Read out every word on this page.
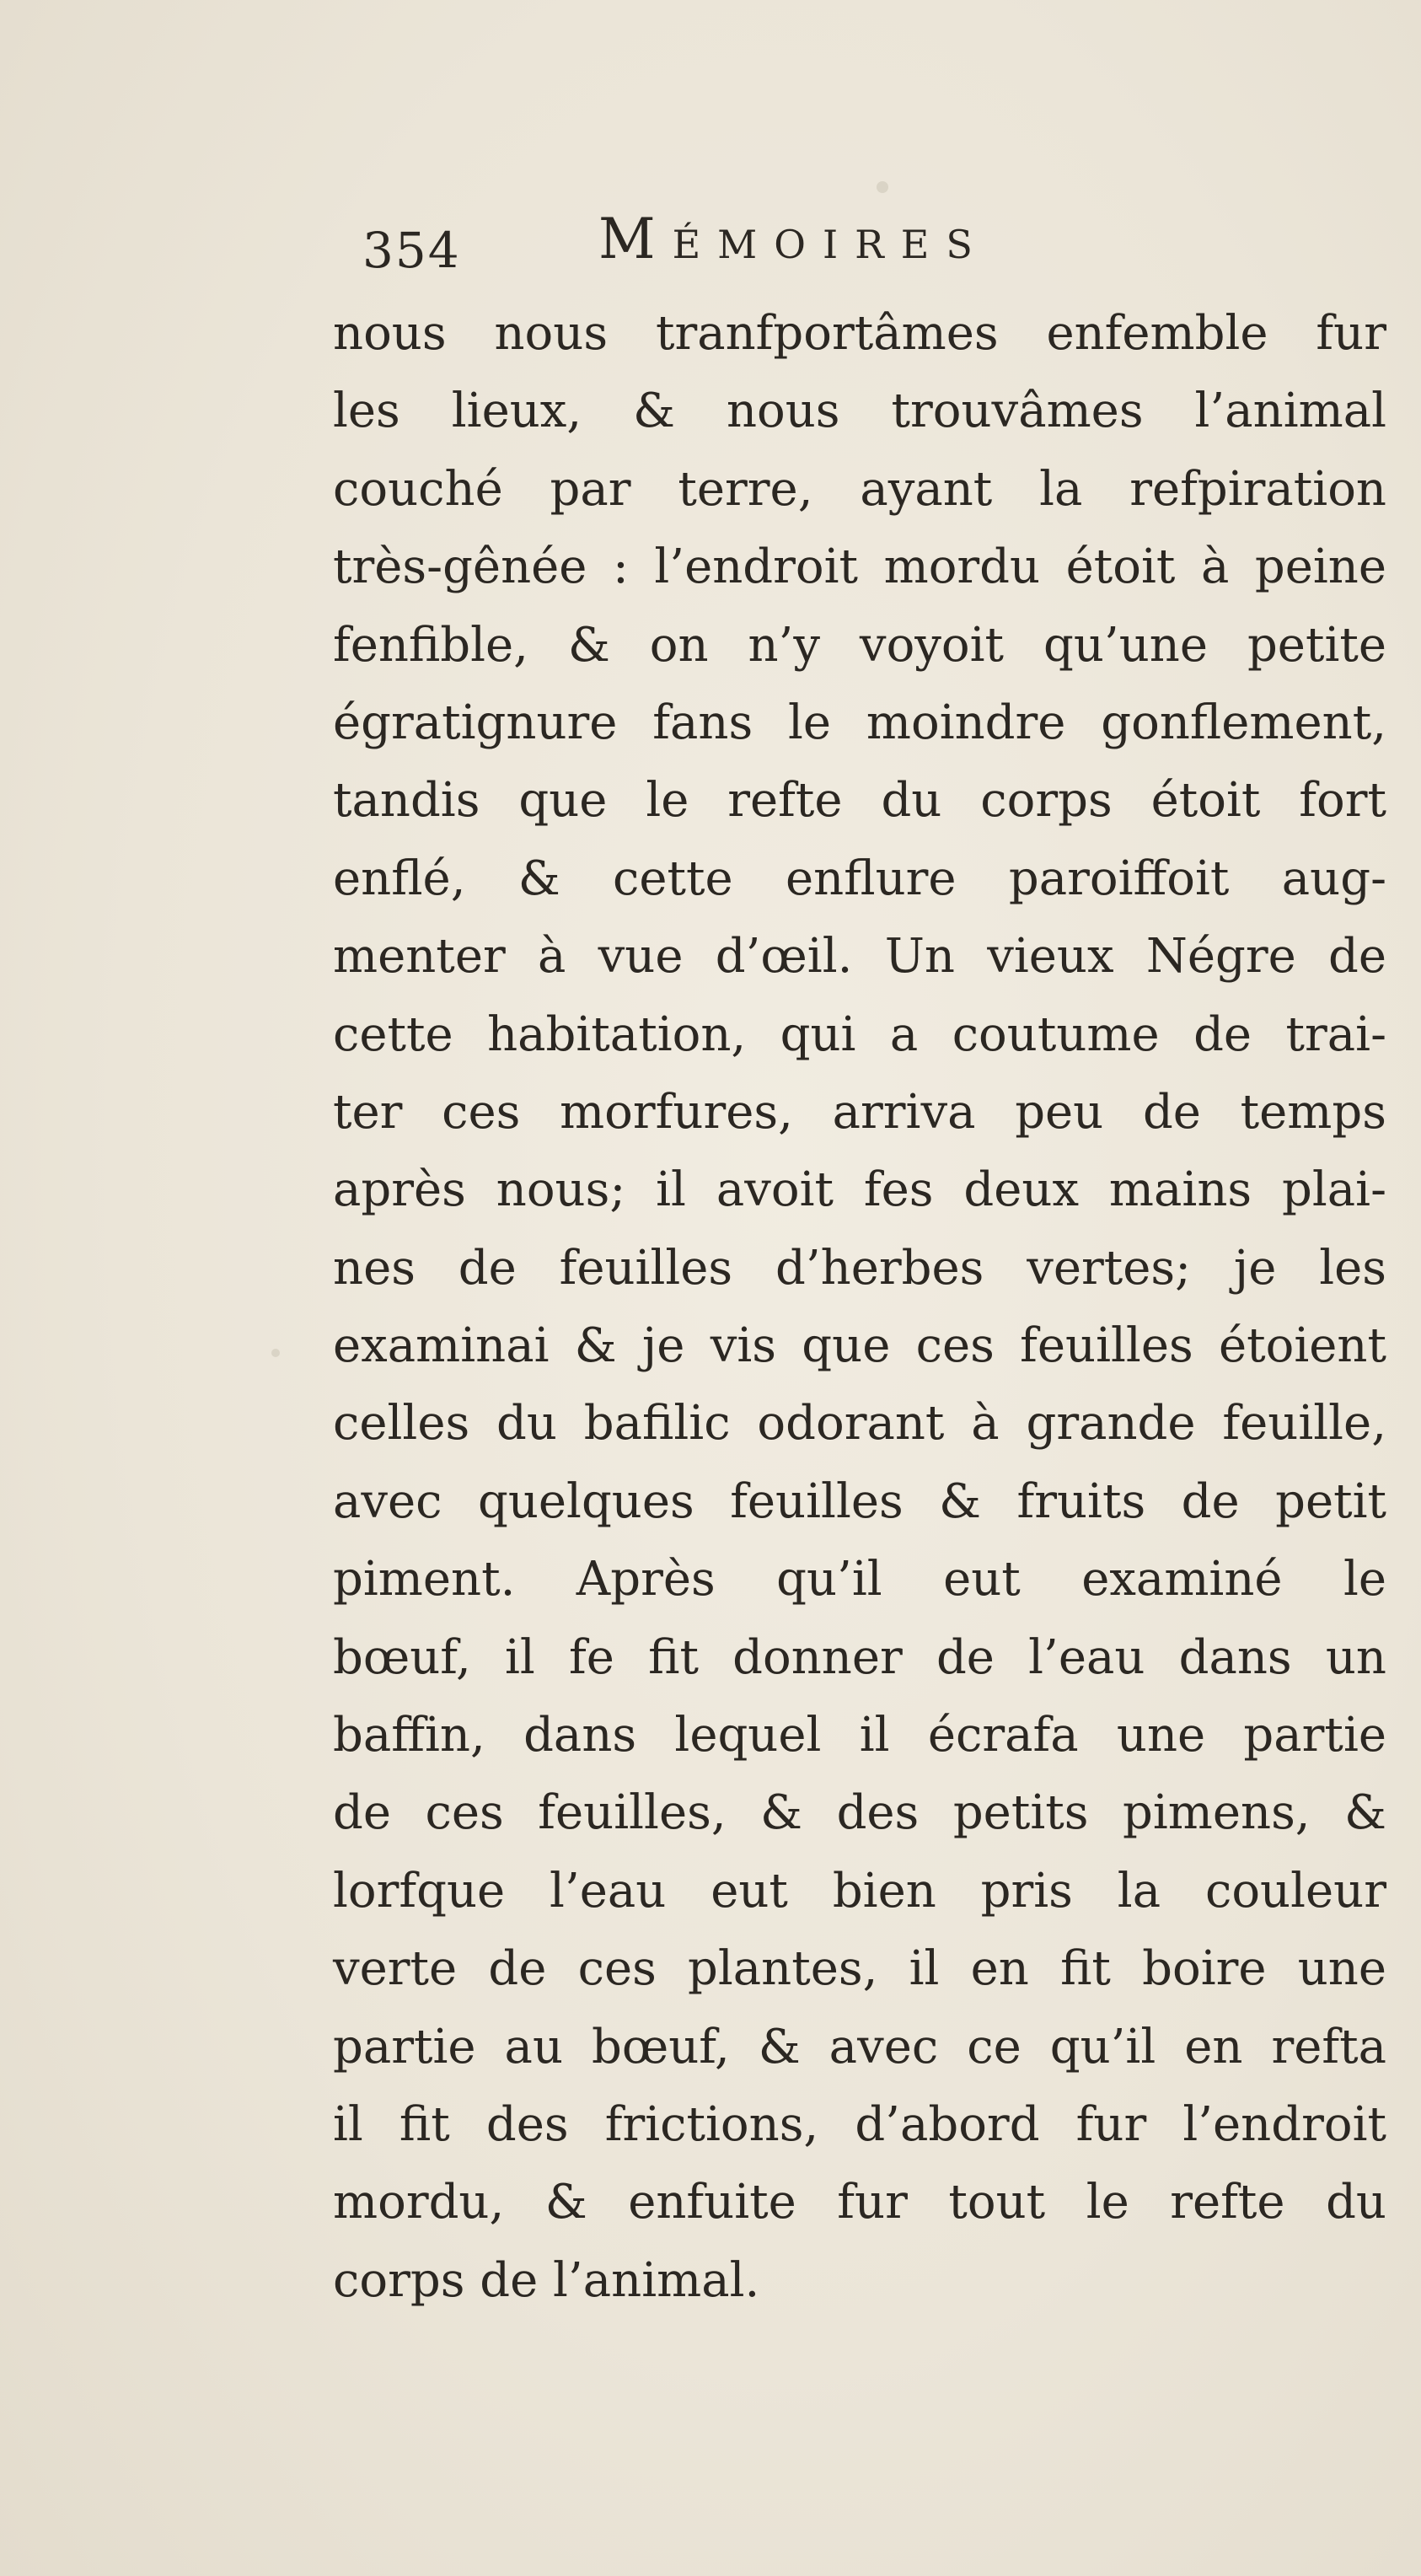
354 Mémoires
nous nous tranfportâmes enfemble fur
les lieux, & nous trouvâmes l’animal
couché par terre, ayant la refpiration
très-gênée : l’endroit mordu étoit à peine
fenfible, & on n’y voyoit qu’une petite
égratignure fans le moindre gonflement,
tandis que le refte du corps étoit fort
enflé, & cette enflure paroiffoit aug-
menter à vue d’œil. Un vieux Négre de
cette habitation, qui a coutume de trai-
ter ces morfures, arriva peu de temps
après nous; il avoit fes deux mains plai-
nes de feuilles d’herbes vertes; je les
examinai & je vis que ces feuilles étoient
celles du bafilic odorant à grande feuille,
avec quelques feuilles & fruits de petit
piment. Après qu’il eut examiné le
bœuf, il fe fit donner de l’eau dans un
baffin, dans lequel il écrafa une partie
de ces feuilles, & des petits pimens, &
lorfque l’eau eut bien pris la couleur
verte de ces plantes, il en fit boire une
partie au bœuf, & avec ce qu’il en refta
il fit des frictions, d’abord fur l’endroit
mordu, & enfuite fur tout le refte du
corps de l’animal.
